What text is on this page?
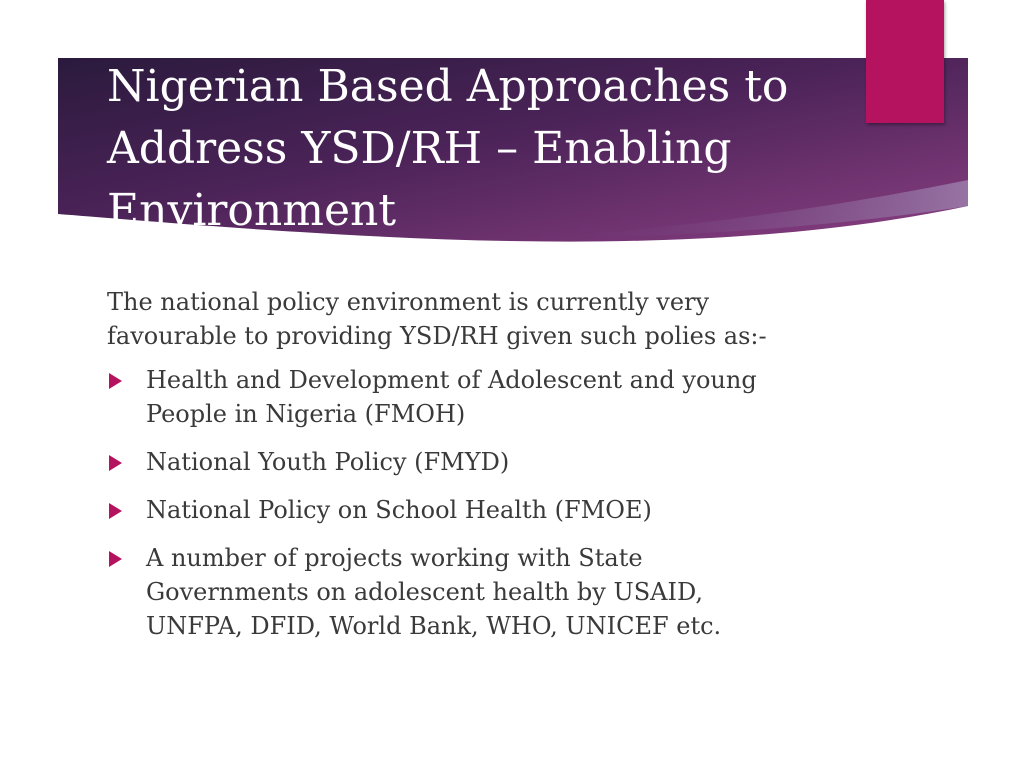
Nigerian Based Approaches to Address YSD/RH – Enabling Environment

The national policy environment is currently very favourable to providing YSD/RH given such polies as:-

Health and Development of Adolescent and young People in Nigeria (FMOH)
National Youth Policy (FMYD)
National Policy on School Health (FMOE)
A number of projects working with State Governments on adolescent health by USAID, UNFPA, DFID, World Bank, WHO, UNICEF etc.
